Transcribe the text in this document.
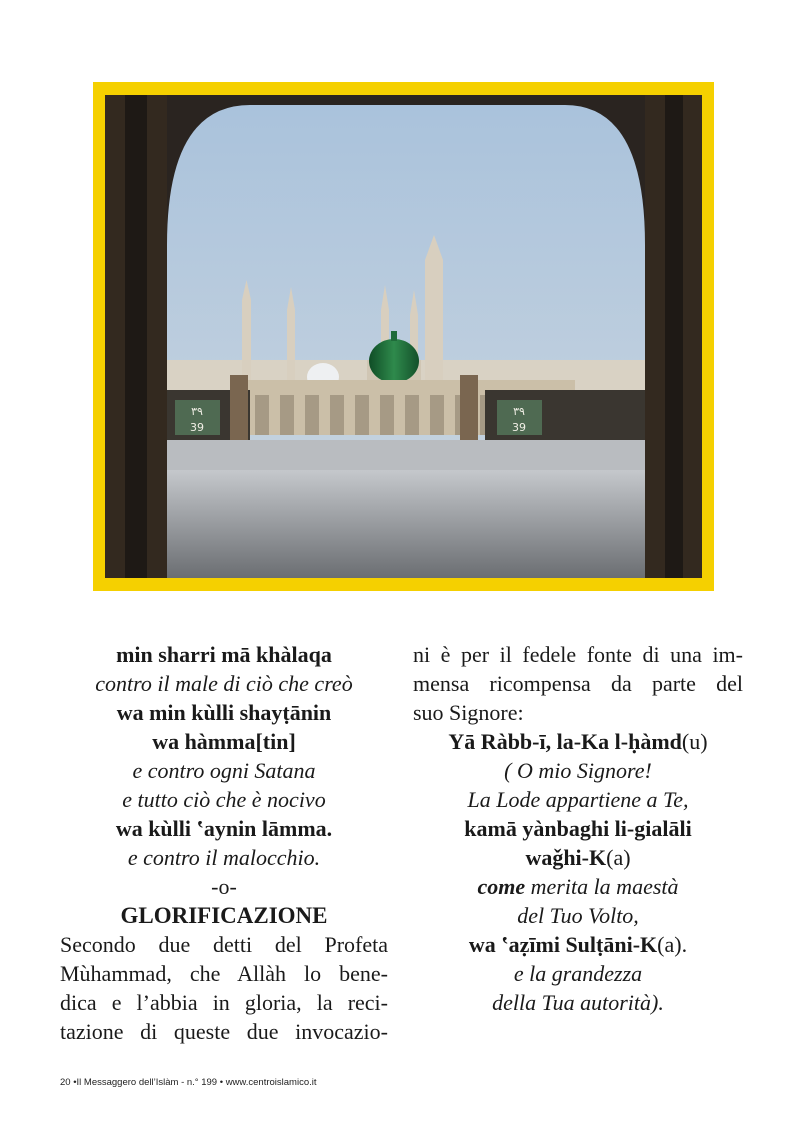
٣٩
39
٣٩
39
min sharri mā khàlaqa
contro il male di ciò che creò
wa min kùlli shayṭānin
wa hàmma[tin]
e contro ogni Satana
e tutto ciò che è nocivo
wa kùlli ʽaynin lāmma.
e contro il malocchio.
-o-
GLORIFICAZIONE
Secondo due detti del Profeta
Mùhammad, che Allàh lo bene-
dica e l’abbia in gloria, la reci-
tazione di queste due invocazio-
ni è per il fedele fonte di una im-
mensa ricompensa da parte del
suo Signore:
Yā Ràbb-ī, la-Ka l-ḥàmd(u)
( O mio Signore!
La Lode appartiene a Te,
kamā yànbaghi li-gialāli
waǧhi-K(a)
come merita la maestà
del Tuo Volto,
wa ʽaẓīmi Sulṭāni-K(a).
e la grandezza
della Tua autorità).
20 •Il Messaggero dell’Islàm - n.° 199 • www.centroislamico.it
